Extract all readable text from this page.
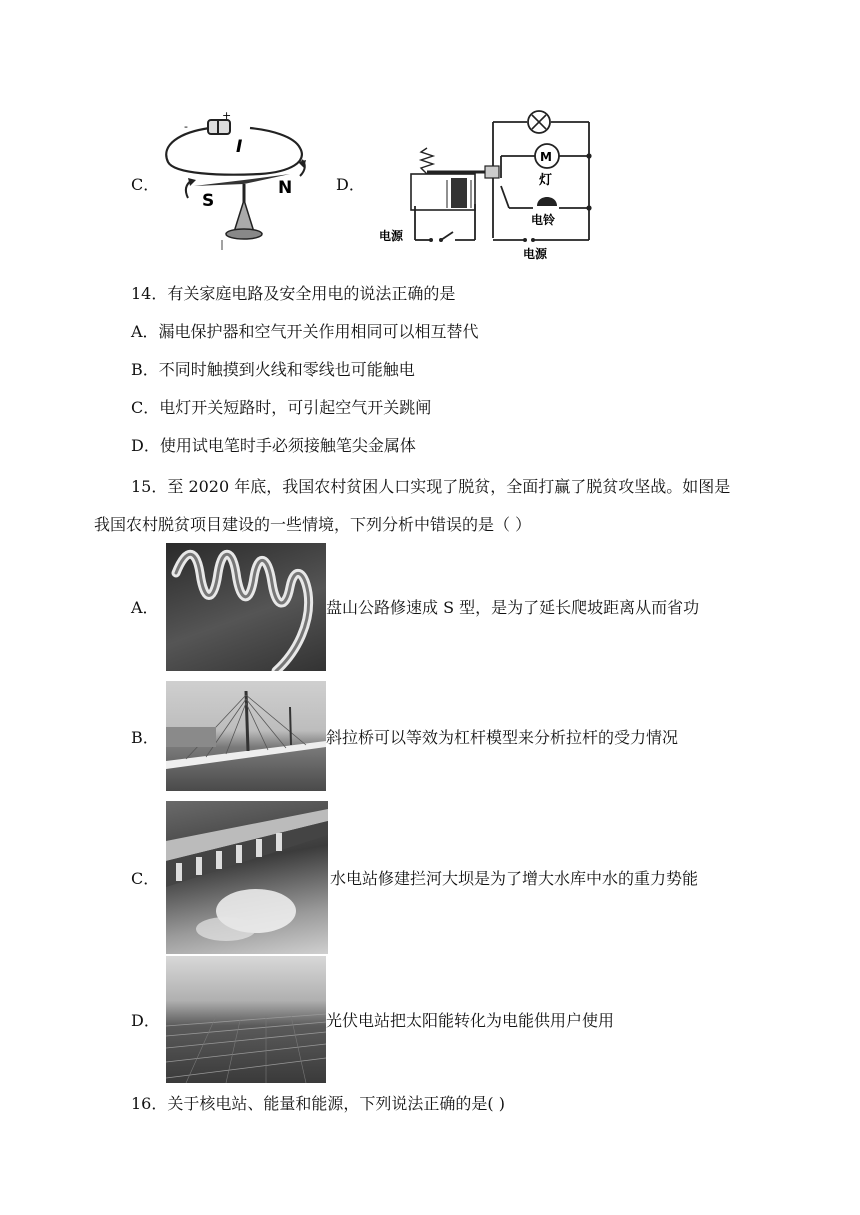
C．
-
+
I
S
N	D．
M
灯
电铃
电源
电源
14．有关家庭电路及安全用电的说法正确的是
A．漏电保护器和空气开关作用相同可以相互替代
B．不同时触摸到火线和零线也可能触电
C．电灯开关短路时，可引起空气开关跳闸
D．使用试电笔时手必须接触笔尖金属体
15．至 2020 年底，我国农村贫困人口实现了脱贫，全面打赢了脱贫攻坚战。如图是
我国农村脱贫项目建设的一些情境，下列分析中错误的是（ ）
A．	盘山公路修速成 S 型，是为了延长爬坡距离从而省功
B．	斜拉桥可以等效为杠杆模型来分析拉杆的受力情况
C．	水电站修建拦河大坝是为了增大水库中水的重力势能
D．	光伏电站把太阳能转化为电能供用户使用
16．关于核电站、能量和能源，下列说法正确的是( )
